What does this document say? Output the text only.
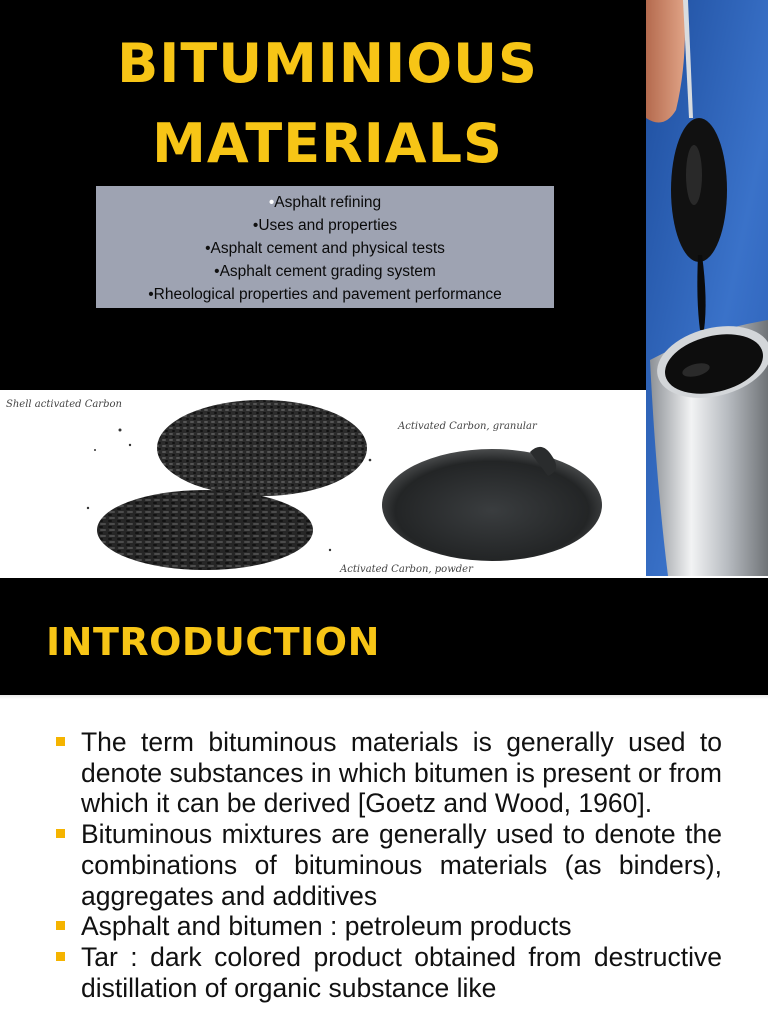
BITUMINIOUS
MATERIALS
•Asphalt refining
•Uses and properties
•Asphalt cement and physical tests
•Asphalt cement grading system
•Rheological properties and pavement performance
Shell activated Carbon
Activated Carbon, granular
Activated Carbon, powder
INTRODUCTION
The term bituminous materials is generally used to denote substances in which bitumen is present or from which it can be derived [Goetz and Wood, 1960].
Bituminous mixtures are generally used to denote the combinations of bituminous materials (as binders), aggregates and additives
Asphalt and bitumen : petroleum products
Tar : dark colored product obtained from destructive distillation of organic substance like
